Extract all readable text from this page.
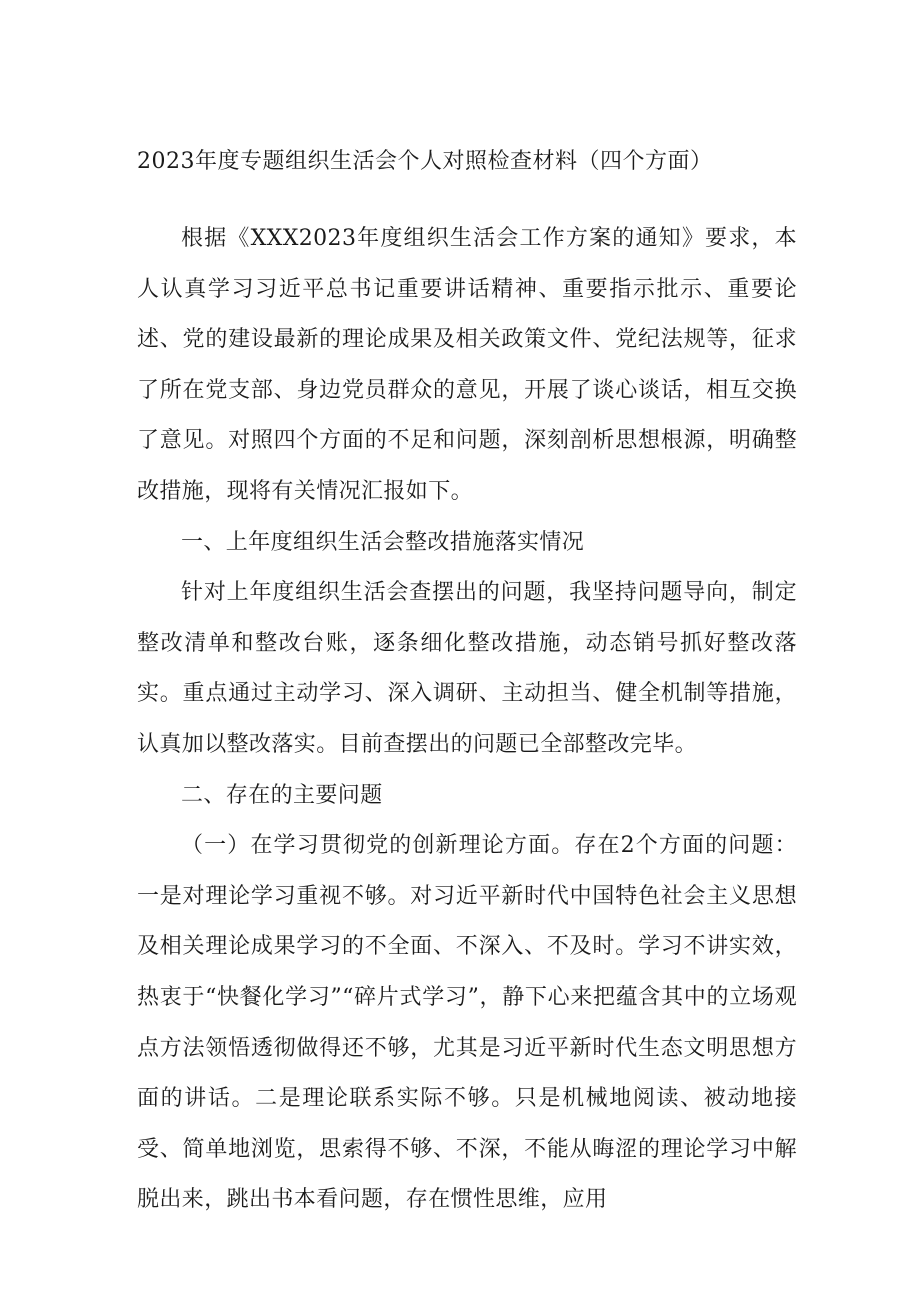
2023年度专题组织生活会个人对照检查材料（四个方面）

根据《XXX2023年度组织生活会工作方案的通知》要求，本人认真学习习近平总书记重要讲话精神、重要指示批示、重要论述、党的建设最新的理论成果及相关政策文件、党纪法规等，征求了所在党支部、身边党员群众的意见，开展了谈心谈话，相互交换了意见。对照四个方面的不足和问题，深刻剖析思想根源，明确整改措施，现将有关情况汇报如下。

一、上年度组织生活会整改措施落实情况

针对上年度组织生活会查摆出的问题，我坚持问题导向，制定整改清单和整改台账，逐条细化整改措施，动态销号抓好整改落实。重点通过主动学习、深入调研、主动担当、健全机制等措施，认真加以整改落实。目前查摆出的问题已全部整改完毕。

二、存在的主要问题

（一）在学习贯彻党的创新理论方面。存在2个方面的问题：一是对理论学习重视不够。对习近平新时代中国特色社会主义思想及相关理论成果学习的不全面、不深入、不及时。学习不讲实效，热衷于“快餐化学习”“碎片式学习”，静下心来把蕴含其中的立场观点方法领悟透彻做得还不够，尤其是习近平新时代生态文明思想方面的讲话。二是理论联系实际不够。只是机械地阅读、被动地接受、简单地浏览，思索得不够、不深，不能从晦涩的理论学习中解脱出来，跳出书本看问题，存在惯性思维，应用
